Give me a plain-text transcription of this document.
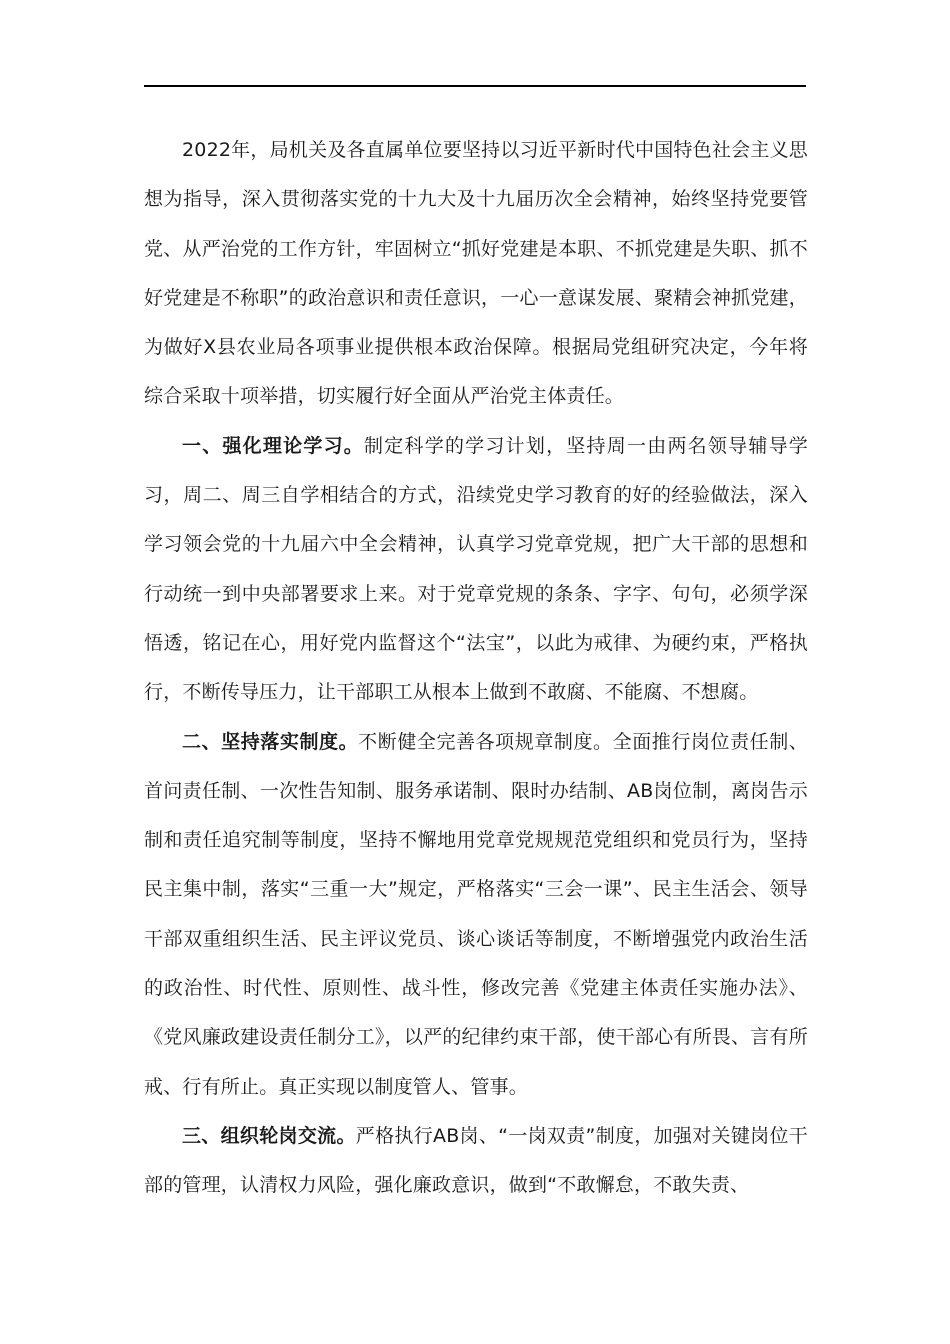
2022年，局机关及各直属单位要坚持以习近平新时代中国特色社会主义思想为指导，深入贯彻落实党的十九大及十九届历次全会精神，始终坚持党要管党、从严治党的工作方针，牢固树立“抓好党建是本职、不抓党建是失职、抓不好党建是不称职”的政治意识和责任意识，一心一意谋发展、聚精会神抓党建，为做好X县农业局各项事业提供根本政治保障。根据局党组研究决定，今年将综合采取十项举措，切实履行好全面从严治党主体责任。

一、强化理论学习。制定科学的学习计划，坚持周一由两名领导辅导学习，周二、周三自学相结合的方式，沿续党史学习教育的好的经验做法，深入学习领会党的十九届六中全会精神，认真学习党章党规，把广大干部的思想和行动统一到中央部署要求上来。对于党章党规的条条、字字、句句，必须学深悟透，铭记在心，用好党内监督这个“法宝”，以此为戒律、为硬约束，严格执行，不断传导压力，让干部职工从根本上做到不敢腐、不能腐、不想腐。

二、坚持落实制度。不断健全完善各项规章制度。全面推行岗位责任制、首问责任制、一次性告知制、服务承诺制、限时办结制、AB岗位制，离岗告示制和责任追究制等制度，坚持不懈地用党章党规规范党组织和党员行为，坚持民主集中制，落实“三重一大”规定，严格落实“三会一课”、民主生活会、领导干部双重组织生活、民主评议党员、谈心谈话等制度，不断增强党内政治生活的政治性、时代性、原则性、战斗性，修改完善《党建主体责任实施办法》、《党风廉政建设责任制分工》，以严的纪律约束干部，使干部心有所畏、言有所戒、行有所止。真正实现以制度管人、管事。

三、组织轮岗交流。严格执行AB岗、“一岗双责”制度，加强对关键岗位干部的管理，认清权力风险，强化廉政意识，做到“不敢懈怠，不敢失责、
